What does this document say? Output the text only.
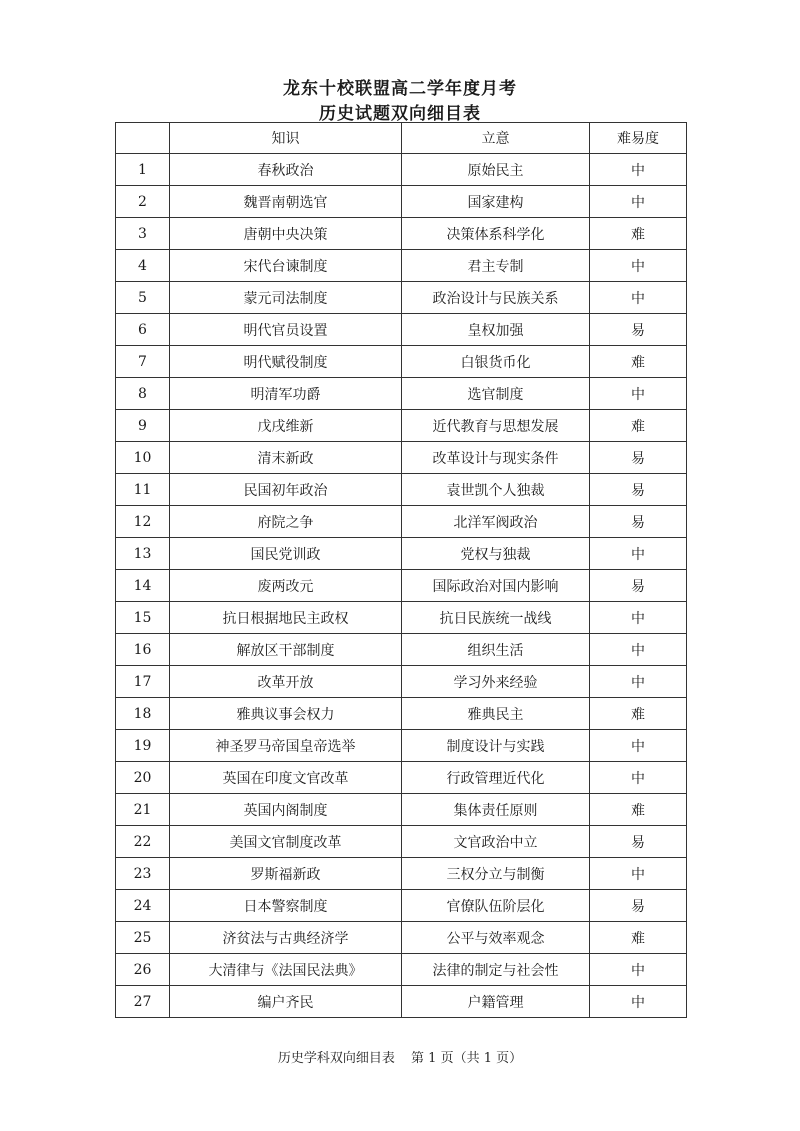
龙东十校联盟高二学年度月考
历史试题双向细目表
	知识	立意	难易度
1	春秋政治	原始民主	中
2	魏晋南朝选官	国家建构	中
3	唐朝中央决策	决策体系科学化	难
4	宋代台谏制度	君主专制	中
5	蒙元司法制度	政治设计与民族关系	中
6	明代官员设置	皇权加强	易
7	明代赋役制度	白银货币化	难
8	明清军功爵	选官制度	中
9	戊戌维新	近代教育与思想发展	难
10	清末新政	改革设计与现实条件	易
11	民国初年政治	袁世凯个人独裁	易
12	府院之争	北洋军阀政治	易
13	国民党训政	党权与独裁	中
14	废两改元	国际政治对国内影响	易
15	抗日根据地民主政权	抗日民族统一战线	中
16	解放区干部制度	组织生活	中
17	改革开放	学习外来经验	中
18	雅典议事会权力	雅典民主	难
19	神圣罗马帝国皇帝选举	制度设计与实践	中
20	英国在印度文官改革	行政管理近代化	中
21	英国内阁制度	集体责任原则	难
22	美国文官制度改革	文官政治中立	易
23	罗斯福新政	三权分立与制衡	中
24	日本警察制度	官僚队伍阶层化	易
25	济贫法与古典经济学	公平与效率观念	难
26	大清律与《法国民法典》	法律的制定与社会性	中
27	编户齐民	户籍管理	中
历史学科双向细目表 第 1 页（共 1 页）
